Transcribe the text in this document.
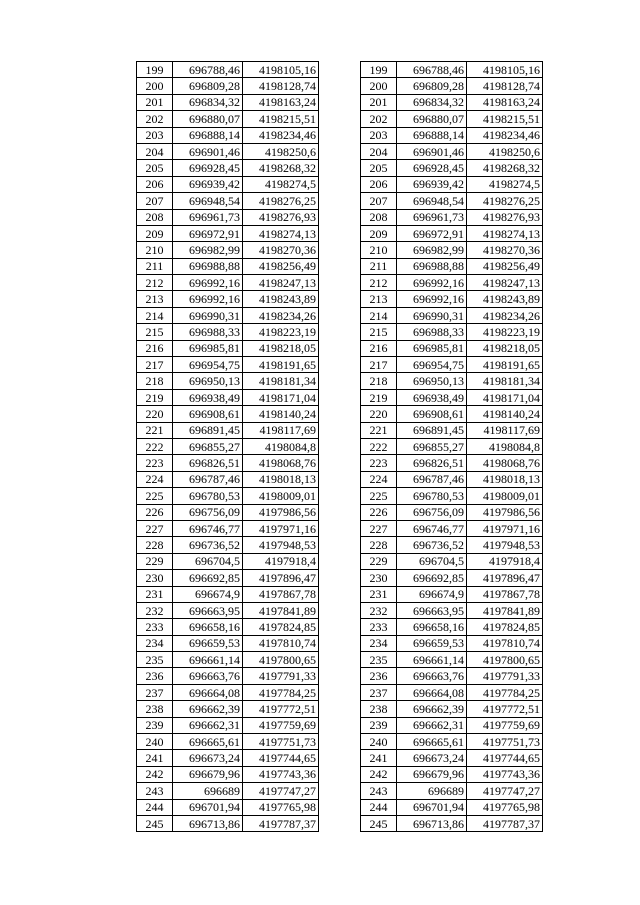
199	696788,46	4198105,16
200	696809,28	4198128,74
201	696834,32	4198163,24
202	696880,07	4198215,51
203	696888,14	4198234,46
204	696901,46	4198250,6
205	696928,45	4198268,32
206	696939,42	4198274,5
207	696948,54	4198276,25
208	696961,73	4198276,93
209	696972,91	4198274,13
210	696982,99	4198270,36
211	696988,88	4198256,49
212	696992,16	4198247,13
213	696992,16	4198243,89
214	696990,31	4198234,26
215	696988,33	4198223,19
216	696985,81	4198218,05
217	696954,75	4198191,65
218	696950,13	4198181,34
219	696938,49	4198171,04
220	696908,61	4198140,24
221	696891,45	4198117,69
222	696855,27	4198084,8
223	696826,51	4198068,76
224	696787,46	4198018,13
225	696780,53	4198009,01
226	696756,09	4197986,56
227	696746,77	4197971,16
228	696736,52	4197948,53
229	696704,5	4197918,4
230	696692,85	4197896,47
231	696674,9	4197867,78
232	696663,95	4197841,89
233	696658,16	4197824,85
234	696659,53	4197810,74
235	696661,14	4197800,65
236	696663,76	4197791,33
237	696664,08	4197784,25
238	696662,39	4197772,51
239	696662,31	4197759,69
240	696665,61	4197751,73
241	696673,24	4197744,65
242	696679,96	4197743,36
243	696689	4197747,27
244	696701,94	4197765,98
245	696713,86	4197787,37
199	696788,46	4198105,16
200	696809,28	4198128,74
201	696834,32	4198163,24
202	696880,07	4198215,51
203	696888,14	4198234,46
204	696901,46	4198250,6
205	696928,45	4198268,32
206	696939,42	4198274,5
207	696948,54	4198276,25
208	696961,73	4198276,93
209	696972,91	4198274,13
210	696982,99	4198270,36
211	696988,88	4198256,49
212	696992,16	4198247,13
213	696992,16	4198243,89
214	696990,31	4198234,26
215	696988,33	4198223,19
216	696985,81	4198218,05
217	696954,75	4198191,65
218	696950,13	4198181,34
219	696938,49	4198171,04
220	696908,61	4198140,24
221	696891,45	4198117,69
222	696855,27	4198084,8
223	696826,51	4198068,76
224	696787,46	4198018,13
225	696780,53	4198009,01
226	696756,09	4197986,56
227	696746,77	4197971,16
228	696736,52	4197948,53
229	696704,5	4197918,4
230	696692,85	4197896,47
231	696674,9	4197867,78
232	696663,95	4197841,89
233	696658,16	4197824,85
234	696659,53	4197810,74
235	696661,14	4197800,65
236	696663,76	4197791,33
237	696664,08	4197784,25
238	696662,39	4197772,51
239	696662,31	4197759,69
240	696665,61	4197751,73
241	696673,24	4197744,65
242	696679,96	4197743,36
243	696689	4197747,27
244	696701,94	4197765,98
245	696713,86	4197787,37
